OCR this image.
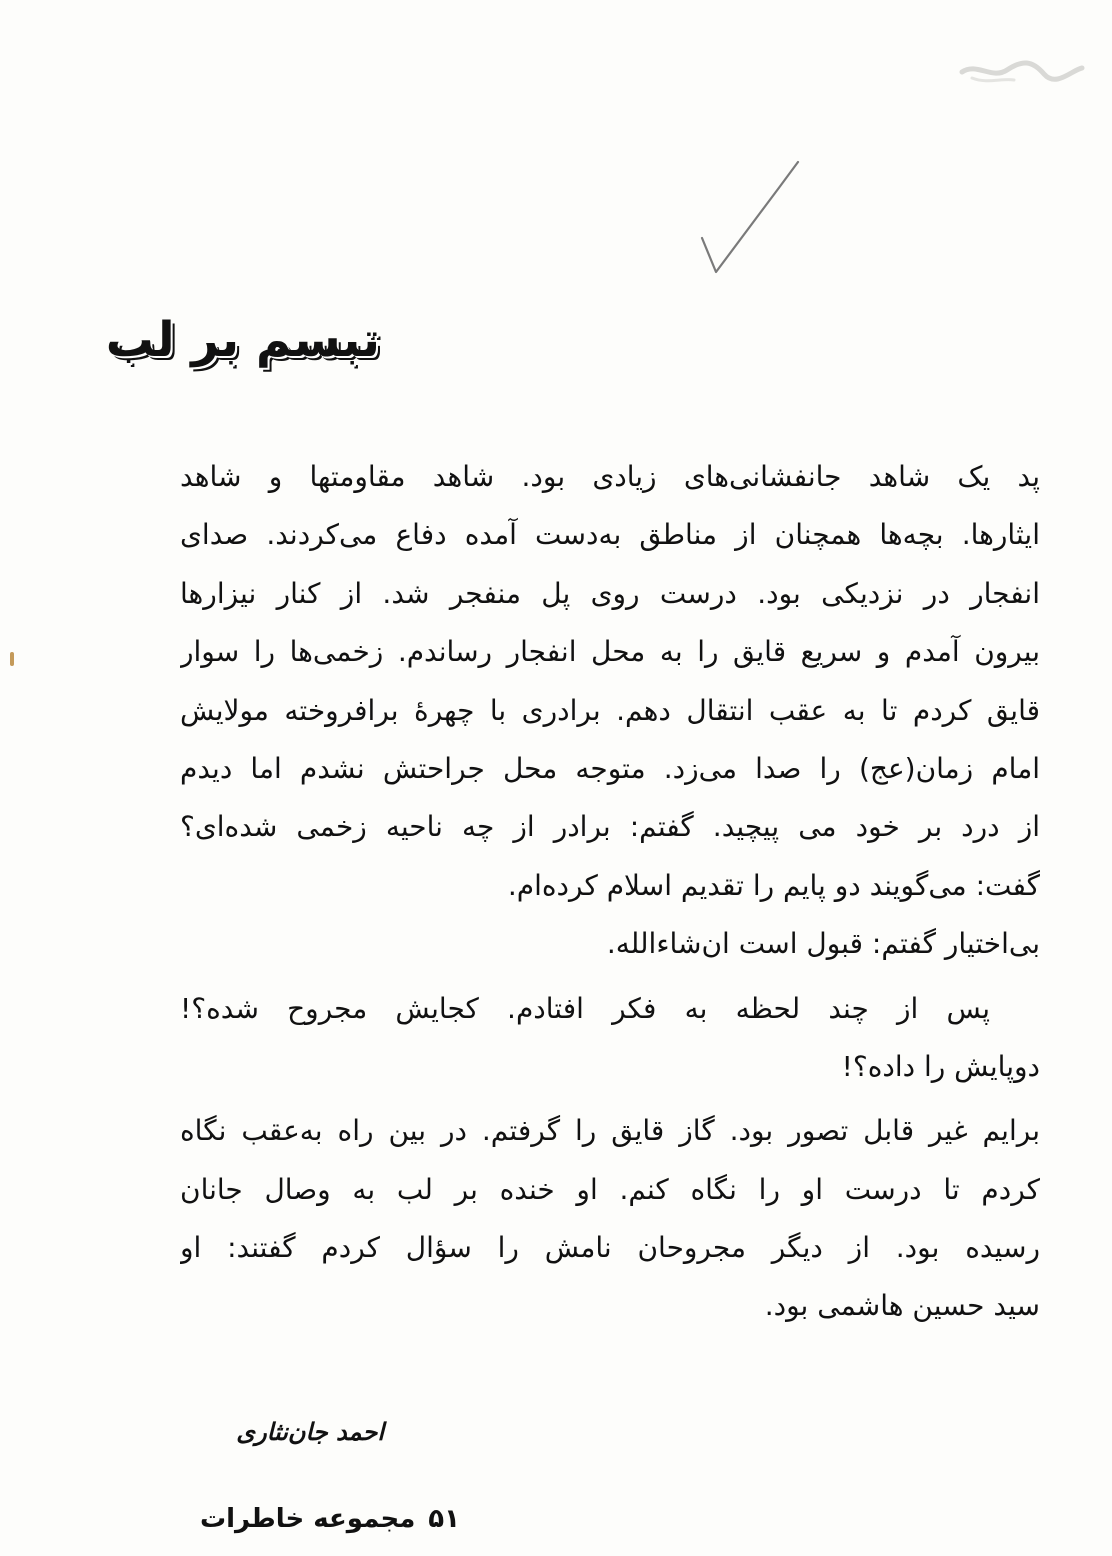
تبسم بر لب
پد یک شاهد جانفشانی‌های زیادی بود. شاهد مقاومتها و شاهد
ایثارها. بچه‌ها همچنان از مناطق به‌دست آمده دفاع می‌کردند. صدای
انفجار در نزدیکی بود. درست روی پل منفجر شد. از کنار نیزارها
بیرون آمدم و سریع قایق را به محل انفجار رساندم. زخمی‌ها را سوار
قایق کردم تا به عقب انتقال دهم. برادری با چهرهٔ برافروخته مولایش
امام زمان(عج) را صدا می‌زد. متوجه محل جراحتش نشدم اما دیدم
از درد بر خود می پیچید. گفتم: برادر از چه ناحیه زخمی شده‌ای؟
گفت: می‌گویند دو پایم را تقدیم اسلام کرده‌ام.
بی‌اختیار گفتم: قبول است ان‌شاءالله.
پس از چند لحظه به فکر افتادم. کجایش مجروح شده؟!
دوپایش را داده؟!
برایم غیر قابل تصور بود. گاز قایق را گرفتم. در بین راه به‌عقب نگاه
کردم تا درست او را نگاه کنم. او خنده بر لب به وصال جانان
رسیده بود. از دیگر مجروحان نامش را سؤال کردم گفتند: او
سید حسین هاشمی بود.
احمد جان‌نثاری
مجموعه خاطرات ۵۱
